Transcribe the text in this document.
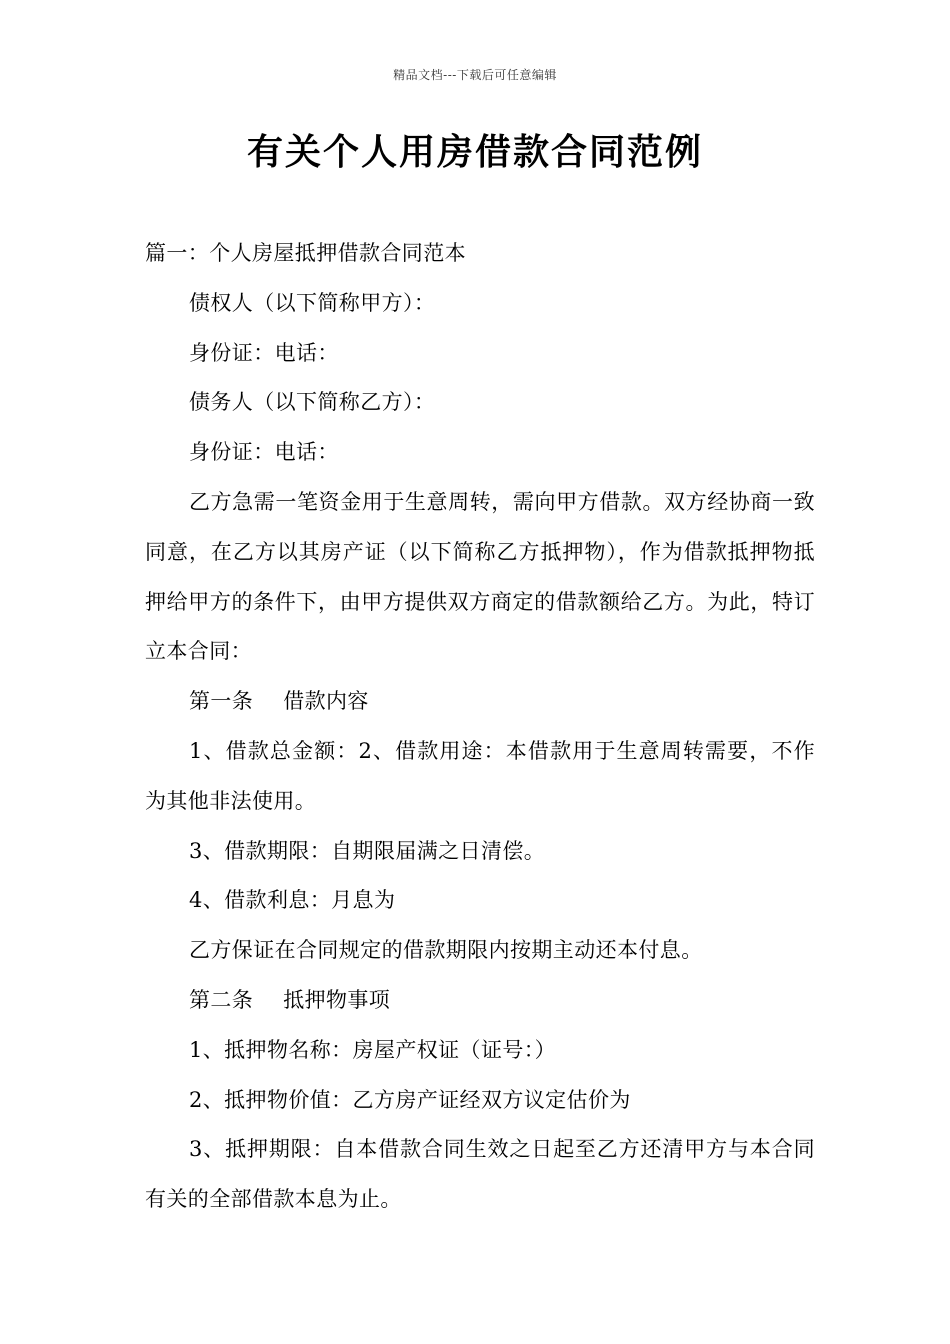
精品文档---下载后可任意编辑
有关个人用房借款合同范例

篇一：个人房屋抵押借款合同范本

债权人（以下简称甲方）：

身份证：电话：

债务人（以下简称乙方）：

身份证：电话：

乙方急需一笔资金用于生意周转，需向甲方借款。双方经协商一致同意，在乙方以其房产证（以下简称乙方抵押物），作为借款抵押物抵押给甲方的条件下，由甲方提供双方商定的借款额给乙方。为此，特订立本合同：

第一条 借款内容

1、借款总金额：2、借款用途：本借款用于生意周转需要，不作为其他非法使用。

3、借款期限：自期限届满之日清偿。

4、借款利息：月息为

乙方保证在合同规定的借款期限内按期主动还本付息。

第二条 抵押物事项

1、抵押物名称：房屋产权证（证号：）

2、抵押物价值：乙方房产证经双方议定估价为

3、抵押期限：自本借款合同生效之日起至乙方还清甲方与本合同有关的全部借款本息为止。
